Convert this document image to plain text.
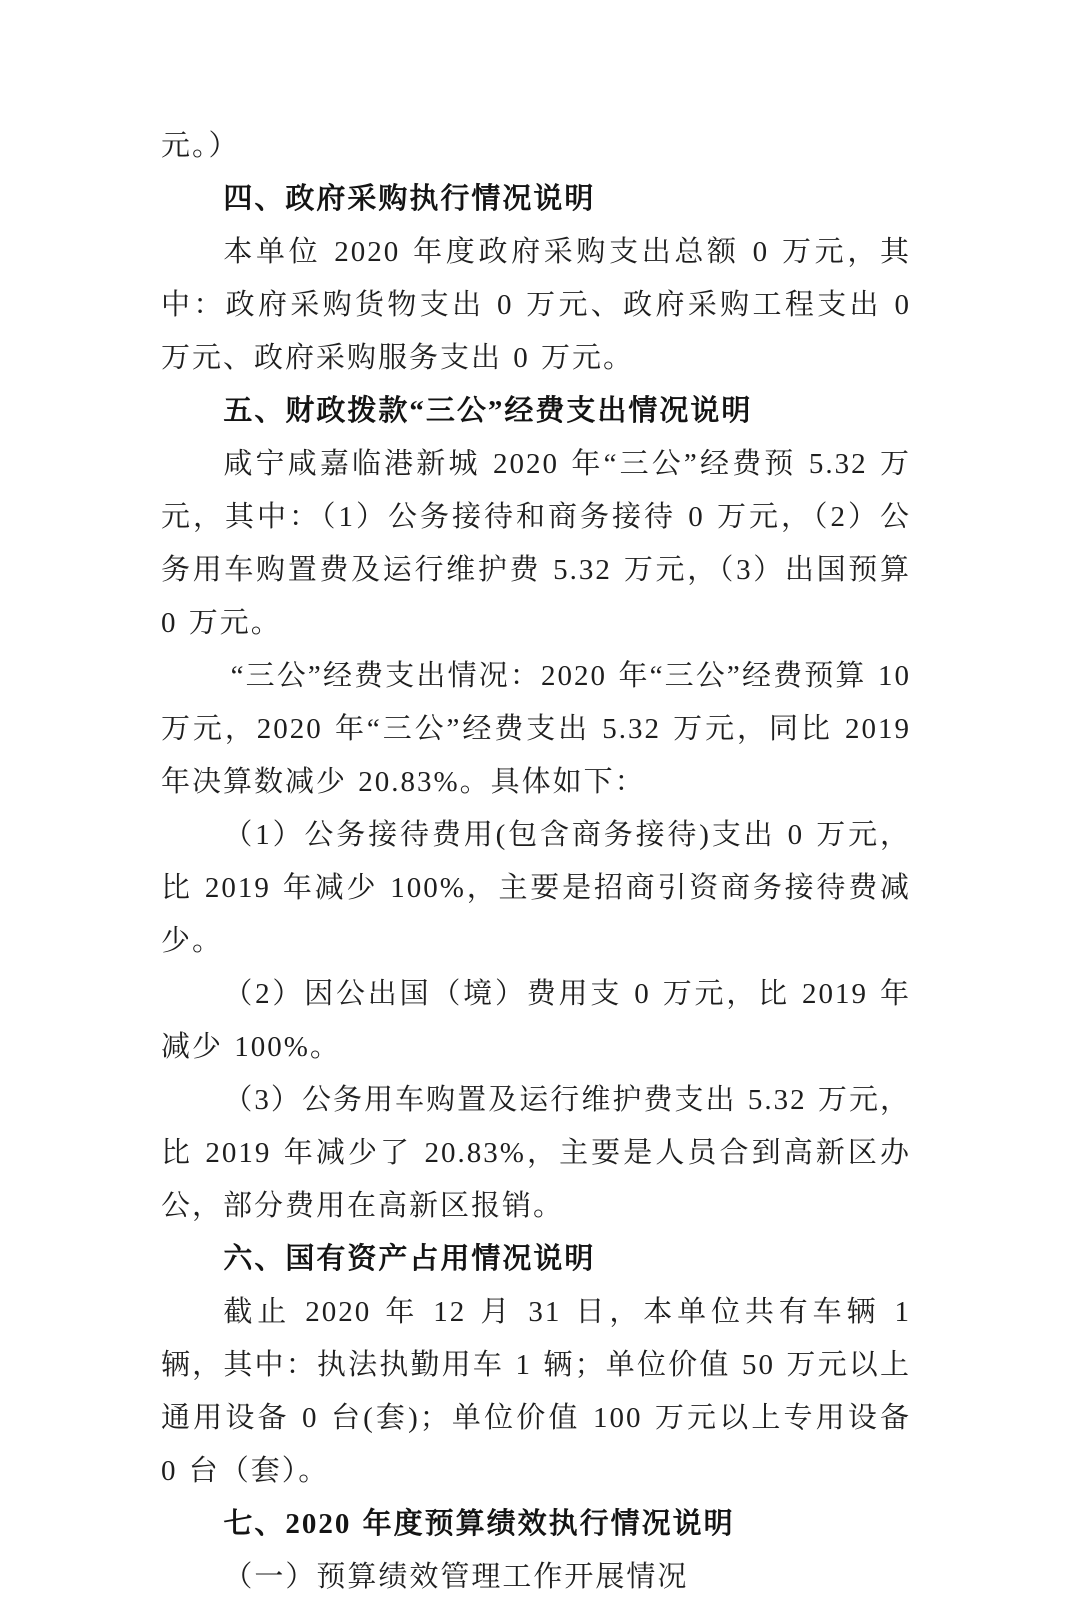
元。）

四、政府采购执行情况说明

本单位 2020 年度政府采购支出总额 0 万元，其中：政府采购货物支出 0 万元、政府采购工程支出 0 万元、政府采购服务支出 0 万元。

五、财政拨款“三公”经费支出情况说明

咸宁咸嘉临港新城 2020 年“三公”经费预 5.32 万元，其中：（1）公务接待和商务接待 0 万元，（2）公务用车购置费及运行维护费 5.32 万元，（3）出国预算 0 万元。

“三公”经费支出情况：2020 年“三公”经费预算 10 万元，2020 年“三公”经费支出 5.32 万元，同比 2019 年决算数减少 20.83%。具体如下：

（1）公务接待费用(包含商务接待)支出 0 万元，比 2019 年减少 100%，主要是招商引资商务接待费减少。

（2）因公出国（境）费用支 0 万元，比 2019 年减少 100%。

（3）公务用车购置及运行维护费支出 5.32 万元，比 2019 年减少了 20.83%，主要是人员合到高新区办公，部分费用在高新区报销。

六、国有资产占用情况说明

截止 2020 年 12 月 31 日，本单位共有车辆 1 辆，其中：执法执勤用车 1 辆；单位价值 50 万元以上通用设备 0 台(套)；单位价值 100 万元以上专用设备 0 台（套）。

七、2020 年度预算绩效执行情况说明

（一）预算绩效管理工作开展情况
